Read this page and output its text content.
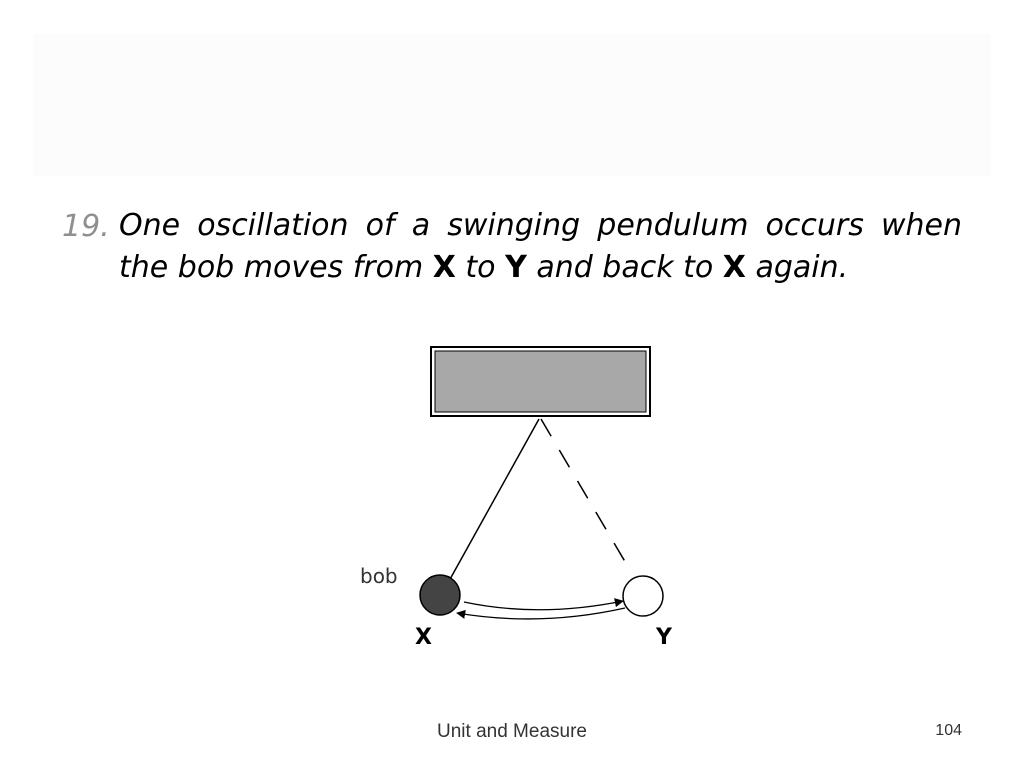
19. One oscillation of a swinging pendulum occurs when the bob moves from X to Y and back to X again.
bob
X	Y
Unit and Measure	104
